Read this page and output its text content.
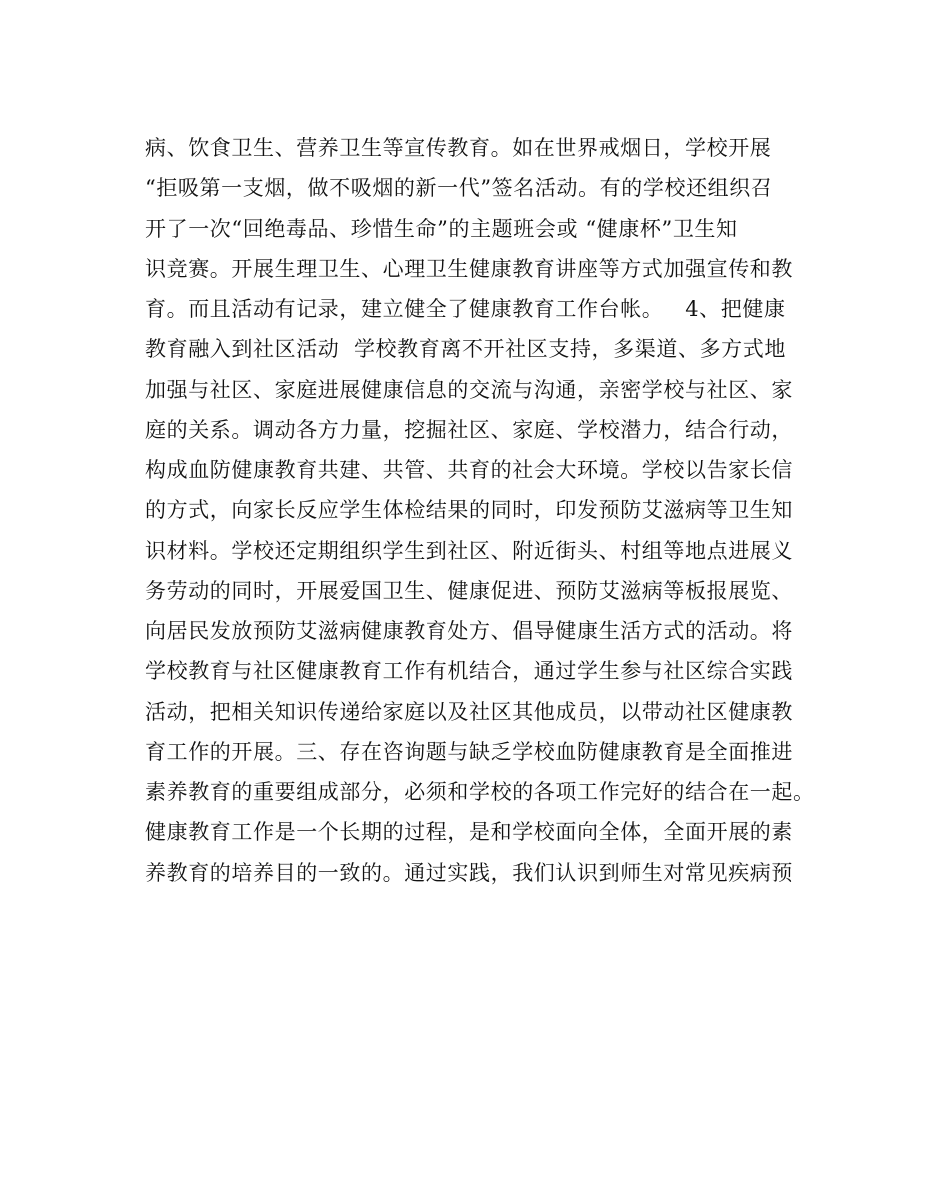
病、饮食卫生、营养卫生等宣传教育。如在世界戒烟日，学校开展
“拒吸第一支烟，做不吸烟的新一代”签名活动。有的学校还组织召
开了一次“回绝毒品、珍惜生命”的主题班会或 “健康杯”卫生知
识竞赛。开展生理卫生、心理卫生健康教育讲座等方式加强宣传和教
育。而且活动有记录，建立健全了健康教育工作台帐。   4、把健康
教育融入到社区活动  学校教育离不开社区支持，多渠道、多方式地
加强与社区、家庭进展健康信息的交流与沟通，亲密学校与社区、家
庭的关系。调动各方力量，挖掘社区、家庭、学校潜力，结合行动，
构成血防健康教育共建、共管、共育的社会大环境。学校以告家长信
的方式，向家长反应学生体检结果的同时，印发预防艾滋病等卫生知
识材料。学校还定期组织学生到社区、附近街头、村组等地点进展义
务劳动的同时，开展爱国卫生、健康促进、预防艾滋病等板报展览、
向居民发放预防艾滋病健康教育处方、倡导健康生活方式的活动。将
学校教育与社区健康教育工作有机结合，通过学生参与社区综合实践
活动，把相关知识传递给家庭以及社区其他成员，以带动社区健康教
育工作的开展。三、存在咨询题与缺乏学校血防健康教育是全面推进
素养教育的重要组成部分，必须和学校的各项工作完好的结合在一起。
健康教育工作是一个长期的过程，是和学校面向全体，全面开展的素
养教育的培养目的一致的。通过实践，我们认识到师生对常见疾病预
